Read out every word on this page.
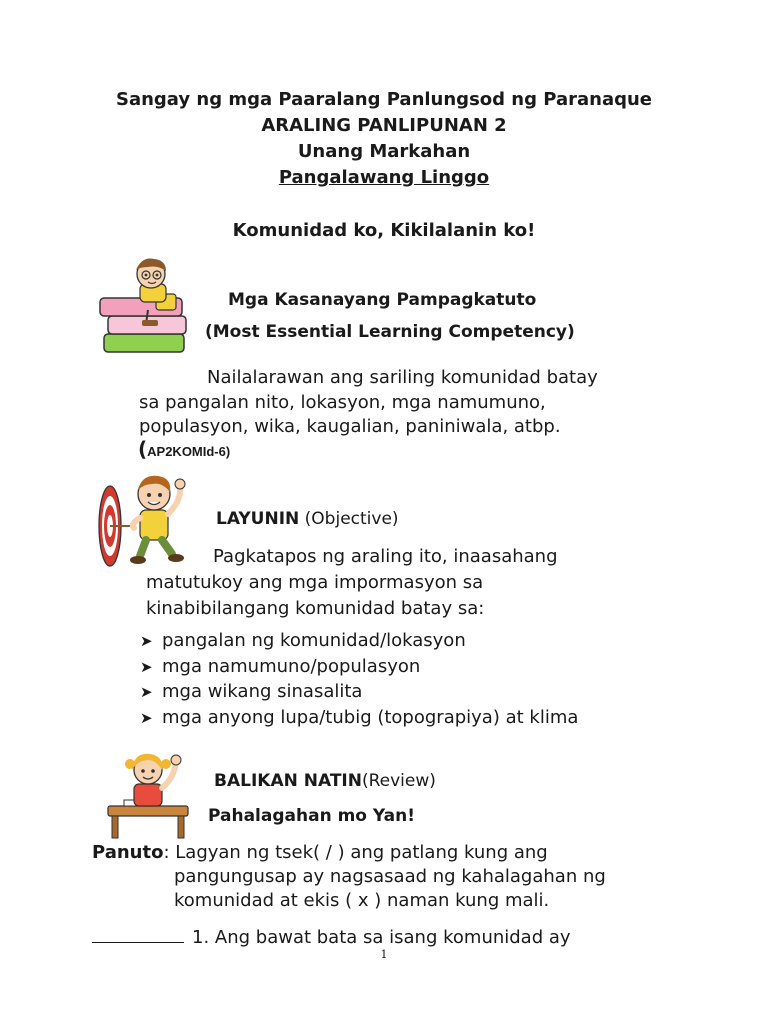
Sangay ng mga Paaralang Panlungsod ng Paranaque
ARALING PANLIPUNAN 2
Unang Markahan
Pangalawang Linggo
Komunidad ko, Kikilalanin ko!
Mga Kasanayang Pampagkatuto
(Most Essential Learning Competency)
Nailalarawan ang sariling komunidad batay
sa pangalan nito, lokasyon, mga namumuno,
populasyon, wika, kaugalian, paniniwala, atbp.
(AP2KOMId-6)
LAYUNIN (Objective)
Pagkatapos ng araling ito, inaasahang
matutukoy ang mga impormasyon sa
kinabibilangang komunidad batay sa:
➤ pangalan ng komunidad/lokasyon
➤ mga namumuno/populasyon
➤ mga wikang sinasalita
➤ mga anyong lupa/tubig (topograpiya) at klima
BALIKAN NATIN(Review)
Pahalagahan mo Yan!
Panuto: Lagyan ng tsek( / ) ang patlang kung ang
pangungusap ay nagsasaad ng kahalagahan ng
komunidad at ekis ( x ) naman kung mali.
1. Ang bawat bata sa isang komunidad ay
1
